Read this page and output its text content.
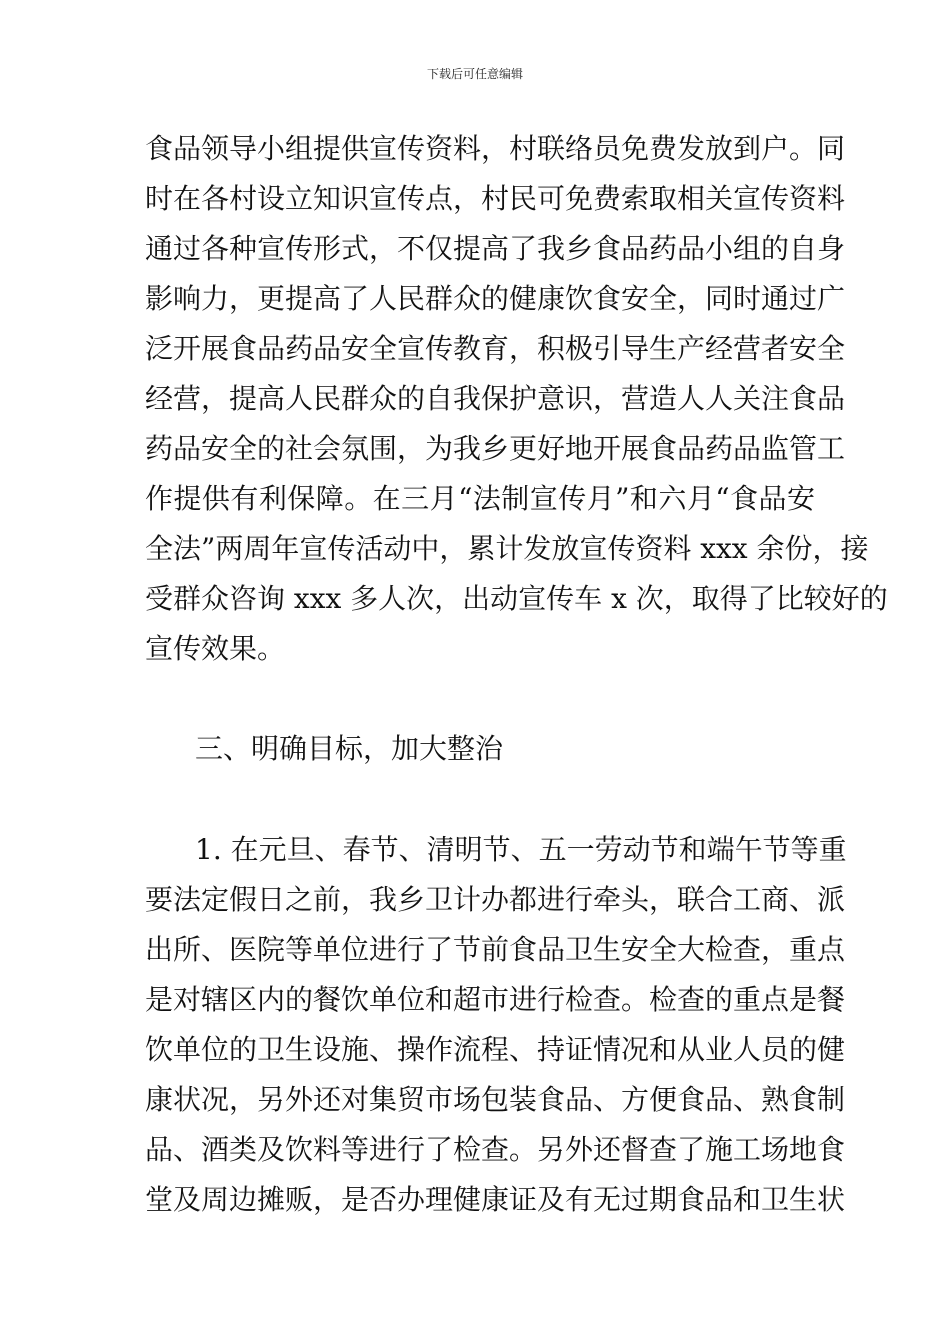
下载后可任意编辑
食品领导小组提供宣传资料，村联络员免费发放到户。同
时在各村设立知识宣传点，村民可免费索取相关宣传资料
通过各种宣传形式，不仅提高了我乡食品药品小组的自身
影响力，更提高了人民群众的健康饮食安全，同时通过广
泛开展食品药品安全宣传教育，积极引导生产经营者安全
经营，提高人民群众的自我保护意识，营造人人关注食品
药品安全的社会氛围，为我乡更好地开展食品药品监管工
作提供有利保障。在三月“法制宣传月”和六月“食品安
全法”两周年宣传活动中，累计发放宣传资料 xxx 余份，接
受群众咨询 xxx 多人次，出动宣传车 x 次，取得了比较好的
宣传效果。
三、明确目标，加大整治
1. 在元旦、春节、清明节、五一劳动节和端午节等重
要法定假日之前，我乡卫计办都进行牵头，联合工商、派
出所、医院等单位进行了节前食品卫生安全大检查，重点
是对辖区内的餐饮单位和超市进行检查。检查的重点是餐
饮单位的卫生设施、操作流程、持证情况和从业人员的健
康状况，另外还对集贸市场包装食品、方便食品、熟食制
品、酒类及饮料等进行了检查。另外还督查了施工场地食
堂及周边摊贩，是否办理健康证及有无过期食品和卫生状
